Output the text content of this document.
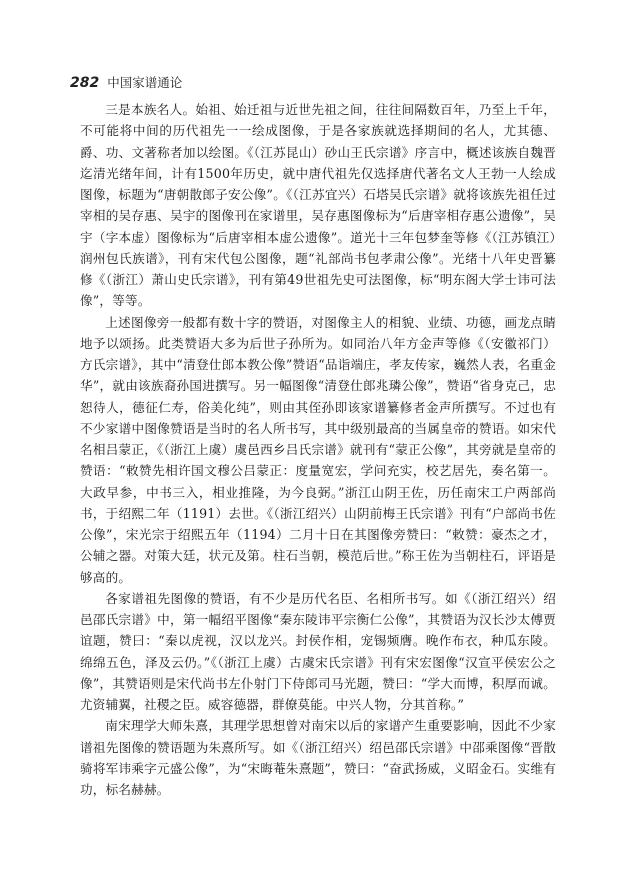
282 中国家谱通论

三是本族名人。始祖、始迁祖与近世先祖之间，往往间隔数百年，乃至上千年，不可能将中间的历代祖先一一绘成图像，于是各家族就选择期间的名人，尤其德、爵、功、文著称者加以绘图。《（江苏昆山）砂山王氏宗谱》序言中，概述该族自魏晋迄清光绪年间，计有1500年历史，就中唐代祖先仅选择唐代著名文人王勃一人绘成图像，标题为“唐朝散郎子安公像”。《（江苏宜兴）石塔吴氏宗谱》就将该族先祖任过宰相的吴存惠、吴宇的图像刊在家谱里，吴存惠图像标为“后唐宰相存惠公遗像”，吴宇（字本虚）图像标为“后唐宰相本虚公遗像”。道光十三年包梦奎等修《（江苏镇江）润州包氏族谱》，刊有宋代包公图像，题“礼部尚书包孝肃公像”。光绪十八年史晋纂修《（浙江）萧山史氏宗谱》，刊有第49世祖先史可法图像，标“明东阁大学士讳可法像”，等等。

上述图像旁一般都有数十字的赞语，对图像主人的相貌、业绩、功德，画龙点睛地予以颂扬。此类赞语大多为后世子孙所为。如同治八年方金声等修《（安徽祁门）方氏宗谱》，其中“清登仕郎本教公像”赞语“品诣端庄，孝友传家，巍然人表，名重金华”，就由该族裔孙国进撰写。另一幅图像“清登仕郎兆璘公像”，赞语“省身克己，忠恕待人，德征仁寿，俗美化纯”，则由其侄孙即该家谱纂修者金声所撰写。不过也有不少家谱中图像赞语是当时的名人所书写，其中级别最高的当属皇帝的赞语。如宋代名相吕蒙正，《（浙江上虞）虞邑西乡吕氏宗谱》就刊有“蒙正公像”，其旁就是皇帝的赞语：“敕赞先相许国文穆公吕蒙正：度量宽宏，学问充实，校艺居先，奏名第一。大政早参，中书三入，相业推隆，为今良弼。”浙江山阴王佐，历任南宋工户两部尚书，于绍熙二年（1191）去世。《（浙江绍兴）山阴前梅王氏宗谱》刊有“户部尚书佐公像”，宋光宗于绍熙五年（1194）二月十日在其图像旁赞曰：“敕赞：豪杰之才，公辅之器。对策大廷，状元及第。柱石当朝，模范后世。”称王佐为当朝柱石，评语是够高的。

各家谱祖先图像的赞语，有不少是历代名臣、名相所书写。如《（浙江绍兴）绍邑邵氏宗谱》中，第一幅绍平图像“秦东陵讳平宗衡仁公像”，其赞语为汉长沙太傅贾谊题，赞曰：“秦以虎视，汉以龙兴。封侯作相，宠锡频膺。晚作布衣，种瓜东陵。绵绵五色，泽及云仍。”《（浙江上虞）古虞宋氏宗谱》刊有宋宏图像“汉宣平侯宏公之像”，其赞语则是宋代尚书左仆射门下侍郎司马光题，赞曰：“学大而博，积厚而诚。尤资辅翼，社稷之臣。威容德器，群僚莫能。中兴人物，分其首称。”

南宋理学大师朱熹，其理学思想曾对南宋以后的家谱产生重要影响，因此不少家谱祖先图像的赞语题为朱熹所写。如《（浙江绍兴）绍邑邵氏宗谱》中邵乘图像“晋散骑将军讳乘字元盛公像”，为“宋晦菴朱熹题”，赞曰：“奋武扬威，义昭金石。实维有功，标名赫赫。
